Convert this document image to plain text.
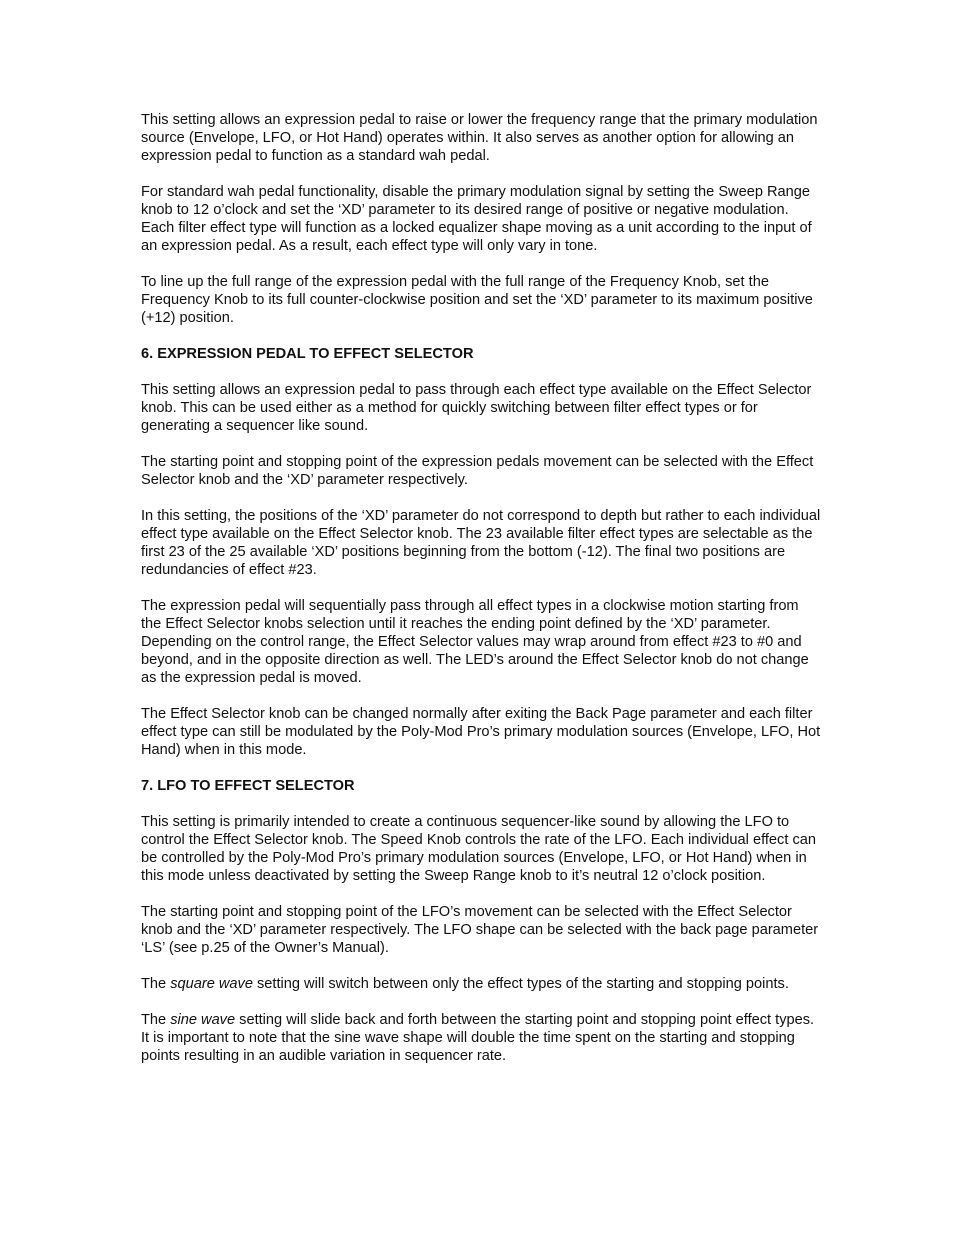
This setting allows an expression pedal to raise or lower the frequency range that the primary modulation source (Envelope, LFO, or Hot Hand) operates within. It also serves as another option for allowing an expression pedal to function as a standard wah pedal.

For standard wah pedal functionality, disable the primary modulation signal by setting the Sweep Range knob to 12 o’clock and set the ‘XD’ parameter to its desired range of positive or negative modulation. Each filter effect type will function as a locked equalizer shape moving as a unit according to the input of an expression pedal. As a result, each effect type will only vary in tone.

To line up the full range of the expression pedal with the full range of the Frequency Knob, set the Frequency Knob to its full counter-clockwise position and set the ‘XD’ parameter to its maximum positive (+12) position.

6. EXPRESSION PEDAL TO EFFECT SELECTOR

This setting allows an expression pedal to pass through each effect type available on the Effect Selector knob. This can be used either as a method for quickly switching between filter effect types or for generating a sequencer like sound.

The starting point and stopping point of the expression pedals movement can be selected with the Effect Selector knob and the ‘XD’ parameter respectively.

In this setting, the positions of the ‘XD’ parameter do not correspond to depth but rather to each individual effect type available on the Effect Selector knob. The 23 available filter effect types are selectable as the first 23 of the 25 available ‘XD’ positions beginning from the bottom (-12). The final two positions are redundancies of effect #23.

The expression pedal will sequentially pass through all effect types in a clockwise motion starting from the Effect Selector knobs selection until it reaches the ending point defined by the ‘XD’ parameter. Depending on the control range, the Effect Selector values may wrap around from effect #23 to #0 and beyond, and in the opposite direction as well. The LED’s around the Effect Selector knob do not change as the expression pedal is moved.

The Effect Selector knob can be changed normally after exiting the Back Page parameter and each filter effect type can still be modulated by the Poly-Mod Pro’s primary modulation sources (Envelope, LFO, Hot Hand) when in this mode.

7. LFO TO EFFECT SELECTOR

This setting is primarily intended to create a continuous sequencer-like sound by allowing the LFO to control the Effect Selector knob. The Speed Knob controls the rate of the LFO. Each individual effect can be controlled by the Poly-Mod Pro’s primary modulation sources (Envelope, LFO, or Hot Hand) when in this mode unless deactivated by setting the Sweep Range knob to it’s neutral 12 o’clock position.

The starting point and stopping point of the LFO’s movement can be selected with the Effect Selector knob and the ‘XD’ parameter respectively. The LFO shape can be selected with the back page parameter ‘LS’ (see p.25 of the Owner’s Manual).

The square wave setting will switch between only the effect types of the starting and stopping points.

The sine wave setting will slide back and forth between the starting point and stopping point effect types. It is important to note that the sine wave shape will double the time spent on the starting and stopping points resulting in an audible variation in sequencer rate.
